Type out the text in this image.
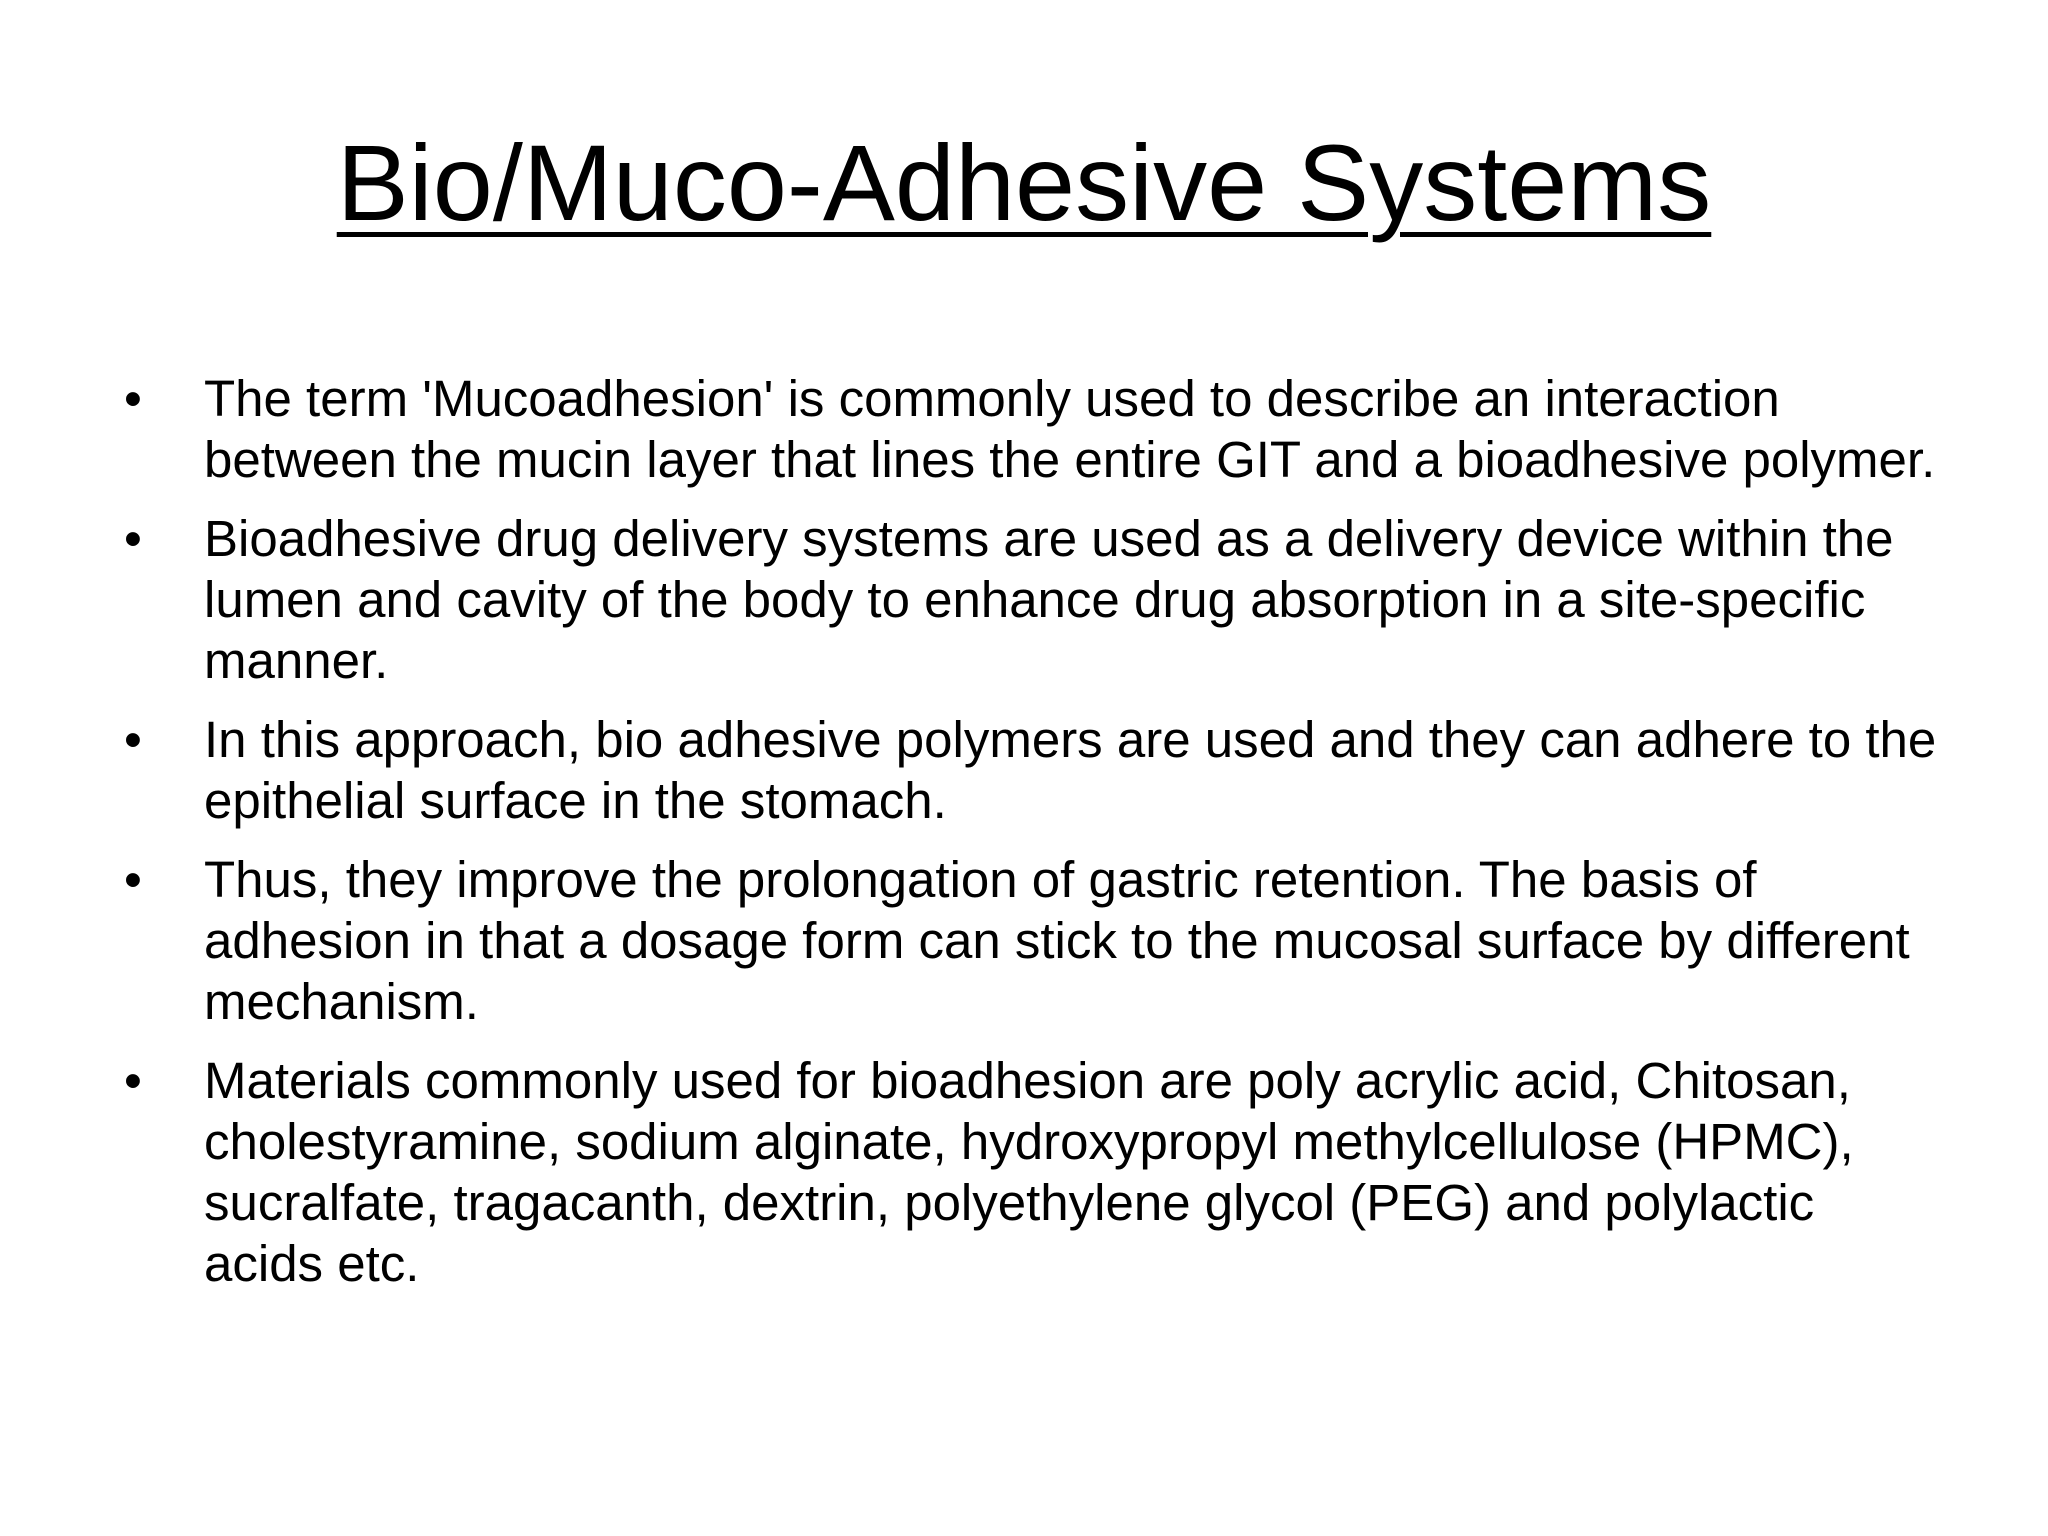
Bio/Muco-Adhesive Systems
•	The term 'Mucoadhesion' is commonly used to describe an interaction between the mucin layer that lines the entire GIT and a bioadhesive polymer.
•	Bioadhesive drug delivery systems are used as a delivery device within the lumen and cavity of the body to enhance drug absorption in a site-specific manner.
•	In this approach, bio adhesive polymers are used and they can adhere to the epithelial surface in the stomach.
•	Thus, they improve the prolongation of gastric retention. The basis of adhesion in that a dosage form can stick to the mucosal surface by different mechanism.
•	Materials commonly used for bioadhesion are poly acrylic acid, Chitosan, cholestyramine, sodium alginate, hydroxypropyl methylcellulose (HPMC), sucralfate, tragacanth, dextrin, polyethylene glycol (PEG) and polylactic acids etc.
